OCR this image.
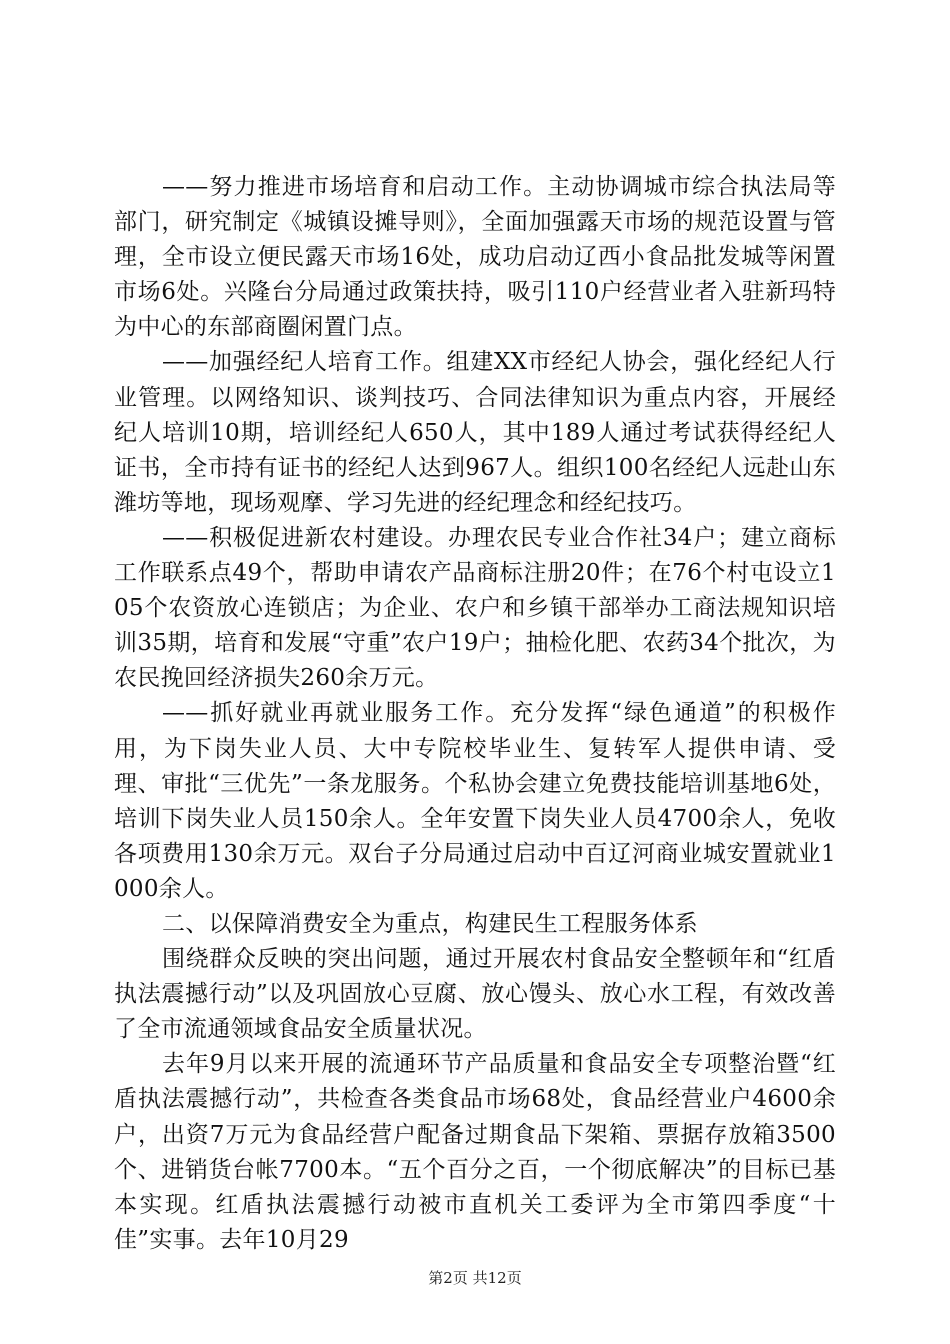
——努力推进市场培育和启动工作。主动协调城市综合执法局等部门，研究制定《城镇设摊导则》，全面加强露天市场的规范设置与管理，全市设立便民露天市场16处，成功启动辽西小食品批发城等闲置市场6处。兴隆台分局通过政策扶持，吸引110户经营业者入驻新玛特为中心的东部商圈闲置门点。

——加强经纪人培育工作。组建XX市经纪人协会，强化经纪人行业管理。以网络知识、谈判技巧、合同法律知识为重点内容，开展经纪人培训10期，培训经纪人650人，其中189人通过考试获得经纪人证书，全市持有证书的经纪人达到967人。组织100名经纪人远赴山东潍坊等地，现场观摩、学习先进的经纪理念和经纪技巧。

——积极促进新农村建设。办理农民专业合作社34户；建立商标工作联系点49个，帮助申请农产品商标注册20件；在76个村屯设立105个农资放心连锁店；为企业、农户和乡镇干部举办工商法规知识培训35期，培育和发展“守重”农户19户；抽检化肥、农药34个批次，为农民挽回经济损失260余万元。

——抓好就业再就业服务工作。充分发挥“绿色通道”的积极作用，为下岗失业人员、大中专院校毕业生、复转军人提供申请、受理、审批“三优先”一条龙服务。个私协会建立免费技能培训基地6处，培训下岗失业人员150余人。全年安置下岗失业人员4700余人，免收各项费用130余万元。双台子分局通过启动中百辽河商业城安置就业1000余人。

二、以保障消费安全为重点，构建民生工程服务体系

围绕群众反映的突出问题，通过开展农村食品安全整顿年和“红盾执法震撼行动”以及巩固放心豆腐、放心馒头、放心水工程，有效改善了全市流通领域食品安全质量状况。

去年9月以来开展的流通环节产品质量和食品安全专项整治暨“红盾执法震撼行动”，共检查各类食品市场68处，食品经营业户4600余户，出资7万元为食品经营户配备过期食品下架箱、票据存放箱3500个、进销货台帐7700本。“五个百分之百，一个彻底解决”的目标已基本实现。红盾执法震撼行动被市直机关工委评为全市第四季度“十佳”实事。去年10月29

第2页 共12页
